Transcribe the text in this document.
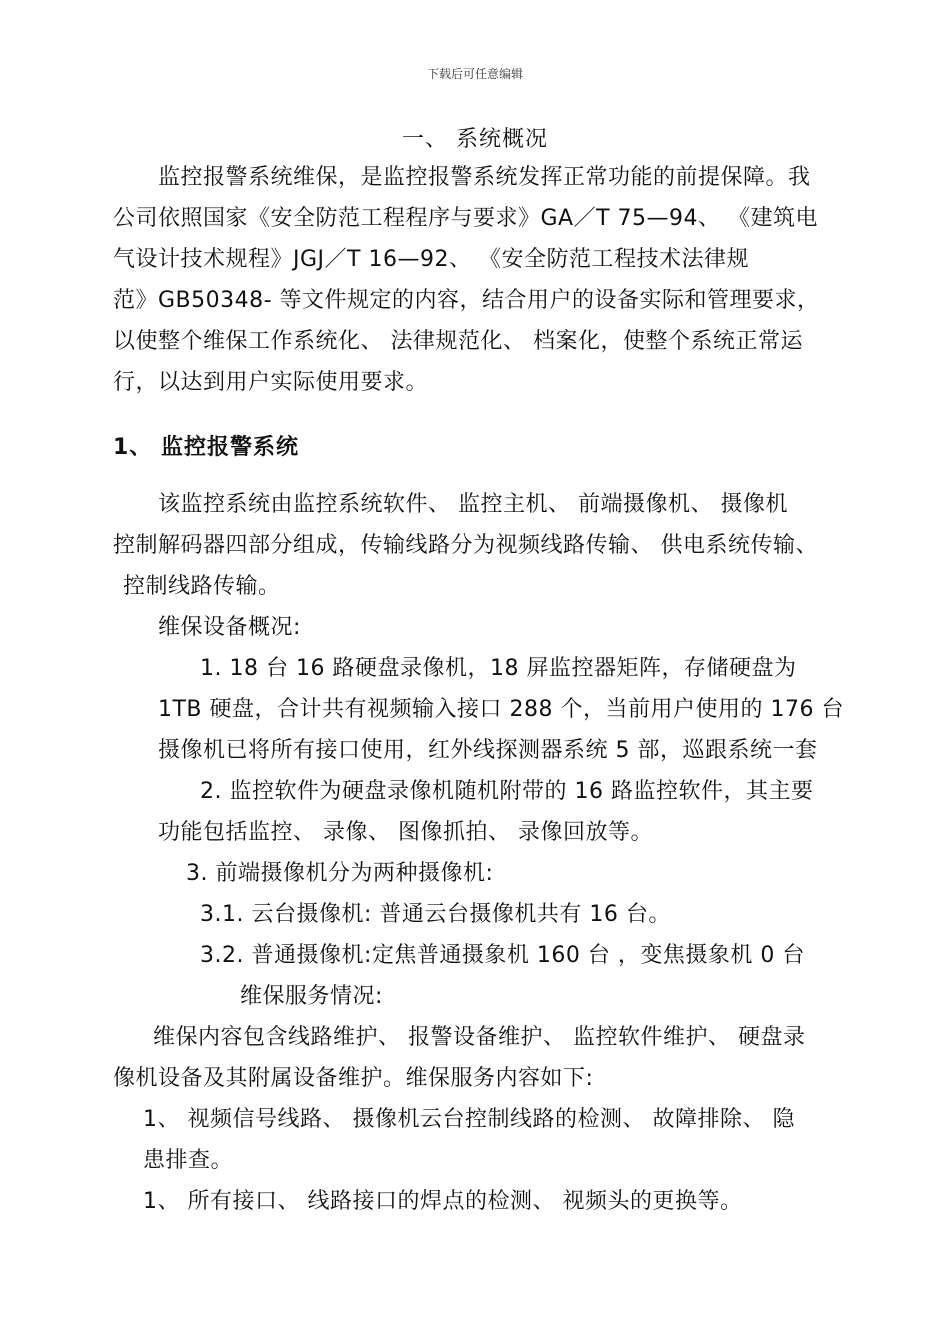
下载后可任意编辑
一、 系统概况
监控报警系统维保，是监控报警系统发挥正常功能的前提保障。我
公司依照国家《安全防范工程程序与要求》GA／T 75—94、 《建筑电
气设计技术规程》JGJ／T 16—92、 《安全防范工程技术法律规
范》GB50348- 等文件规定的内容，结合用户的设备实际和管理要求，
以使整个维保工作系统化、 法律规范化、 档案化，使整个系统正常运
行，以达到用户实际使用要求。
1、 监控报警系统
该监控系统由监控系统软件、 监控主机、 前端摄像机、 摄像机
控制解码器四部分组成，传输线路分为视频线路传输、 供电系统传输、
控制线路传输。
维保设备概况:
1. 18 台 16 路硬盘录像机，18 屏监控器矩阵，存储硬盘为
1TB 硬盘，合计共有视频输入接口 288 个，当前用户使用的 176 台
摄像机已将所有接口使用，红外线探测器系统 5 部，巡跟系统一套
2. 监控软件为硬盘录像机随机附带的 16 路监控软件，其主要
功能包括监控、 录像、 图像抓拍、 录像回放等。
3. 前端摄像机分为两种摄像机:
3.1. 云台摄像机: 普通云台摄像机共有 16 台。
3.2. 普通摄像机:定焦普通摄象机 160 台 ，变焦摄象机 0 台
维保服务情况:
维保内容包含线路维护、 报警设备维护、 监控软件维护、 硬盘录
像机设备及其附属设备维护。维保服务内容如下:
1、 视频信号线路、 摄像机云台控制线路的检测、 故障排除、 隐
患排查。
1、 所有接口、 线路接口的焊点的检测、 视频头的更换等。
